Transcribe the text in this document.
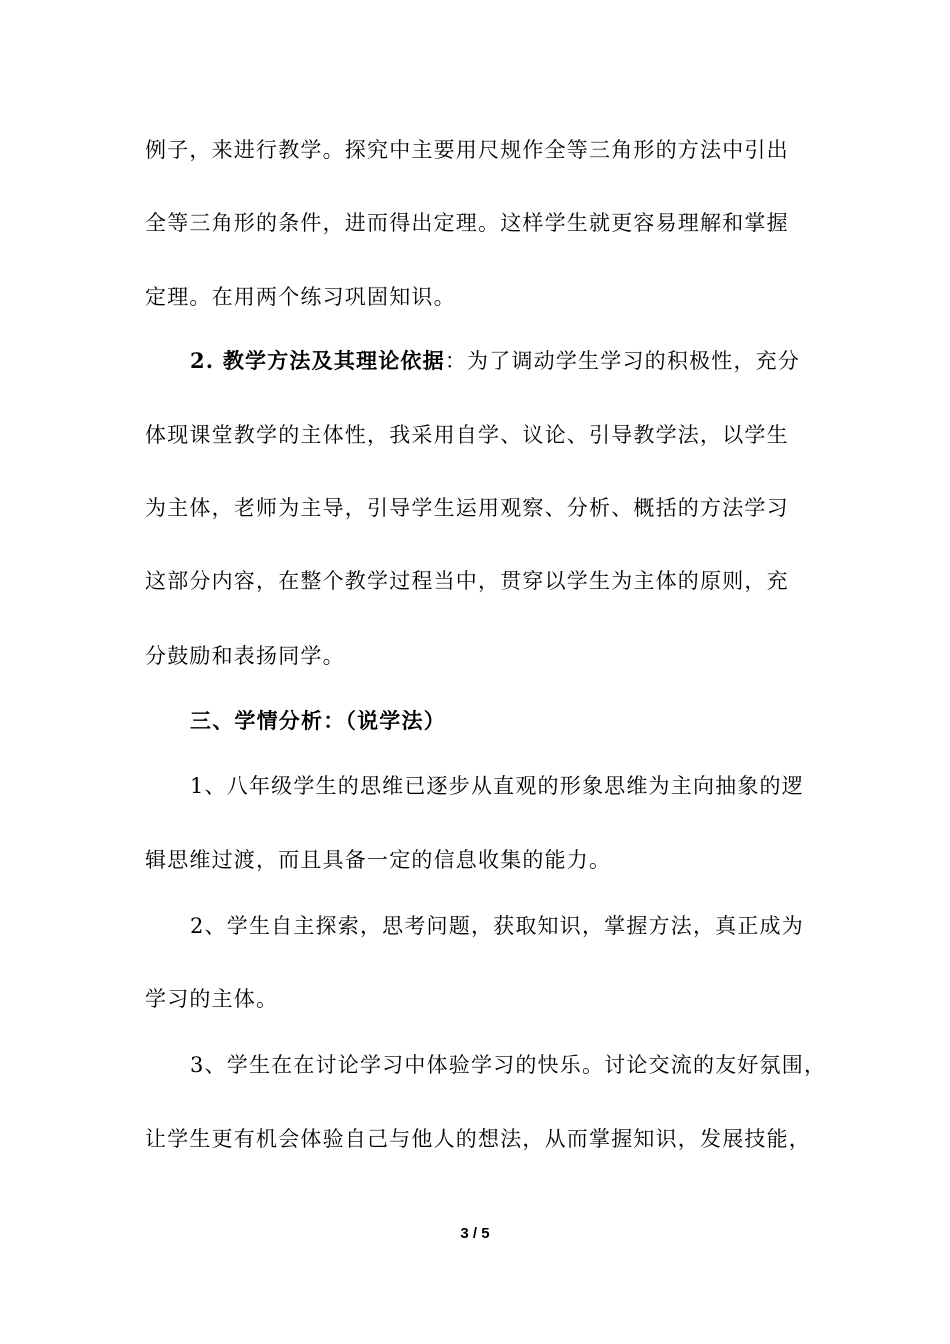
例子，来进行教学。探究中主要用尺规作全等三角形的方法中引出
全等三角形的条件，进而得出定理。这样学生就更容易理解和掌握
定理。在用两个练习巩固知识。
2. 教学方法及其理论依据：为了调动学生学习的积极性，充分
体现课堂教学的主体性，我采用自学、议论、引导教学法，以学生
为主体，老师为主导，引导学生运用观察、分析、概括的方法学习
这部分内容，在整个教学过程当中，贯穿以学生为主体的原则，充
分鼓励和表扬同学。
三、学情分析：（说学法）
1、八年级学生的思维已逐步从直观的形象思维为主向抽象的逻
辑思维过渡，而且具备一定的信息收集的能力。
2、学生自主探索，思考问题，获取知识，掌握方法，真正成为
学习的主体。
3、学生在在讨论学习中体验学习的快乐。讨论交流的友好氛围，
让学生更有机会体验自己与他人的想法，从而掌握知识，发展技能，
3 / 5
